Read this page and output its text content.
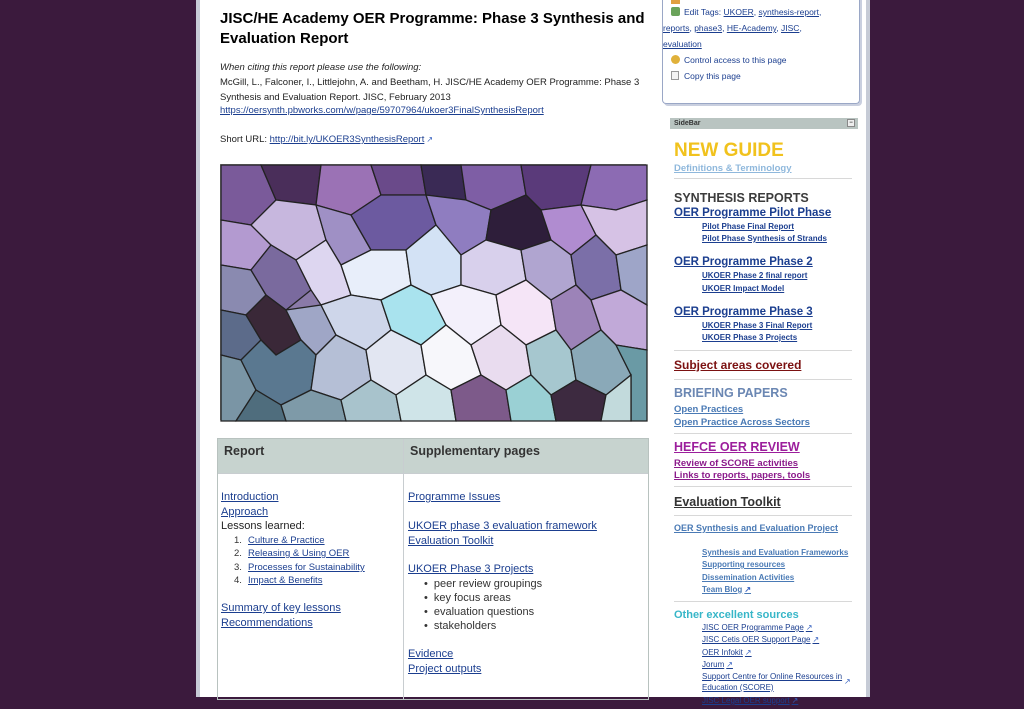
JISC/HE Academy OER Programme: Phase 3 Synthesis and Evaluation Report
When citing this report please use the following:
McGill, L., Falconer, I., Littlejohn, A. and Beetham, H. JISC/HE Academy OER Programme: Phase 3 Synthesis and Evaluation Report. JISC, February 2013
https://oersynth.pbworks.com/w/page/59707964/ukoer3FinalSynthesisReport
Short URL: http://bit.ly/UKOER3SynthesisReport ↗
Report	Supplementary pages
Introduction
Approach
Lessons learned:
1. Culture & Practice
2. Releasing & Using OER
3. Processes for Sustainability
4. Impact & Benefits
Summary of key lessons
Recommendations
Programme Issues
UKOER phase 3 evaluation framework
Evaluation Toolkit
UKOER Phase 3 Projects
• peer review groupings
• key focus areas
• evaluation questions
• stakeholders
Evidence
Project outputs
Edit Tags: UKOER, synthesis-report,
reports, phase3, HE-Academy, JISC,
evaluation
Control access to this page
Copy this page
SideBar	−
NEW GUIDE
Definitions & Terminology
SYNTHESIS REPORTS
OER Programme Pilot Phase
Pilot Phase Final Report
Pilot Phase Synthesis of Strands
OER Programme Phase 2
UKOER Phase 2 final report
UKOER Impact Model
OER Programme Phase 3
UKOER Phase 3 Final Report
UKOER Phase 3 Projects
Subject areas covered
BRIEFING PAPERS
Open Practices
Open Practice Across Sectors
HEFCE OER REVIEW
Review of SCORE activities
Links to reports, papers, tools
Evaluation Toolkit
OER Synthesis and Evaluation Project
Synthesis and Evaluation Frameworks
Supporting resources
Dissemination Activities
Team Blog ↗
Other excellent sources
JISC OER Programme Page ↗
JISC Cetis OER Support Page ↗
OER Infokit ↗
Jorum ↗
Support Centre for Online Resources in Education (SCORE)
↗
JISC Legal OER support ↗
